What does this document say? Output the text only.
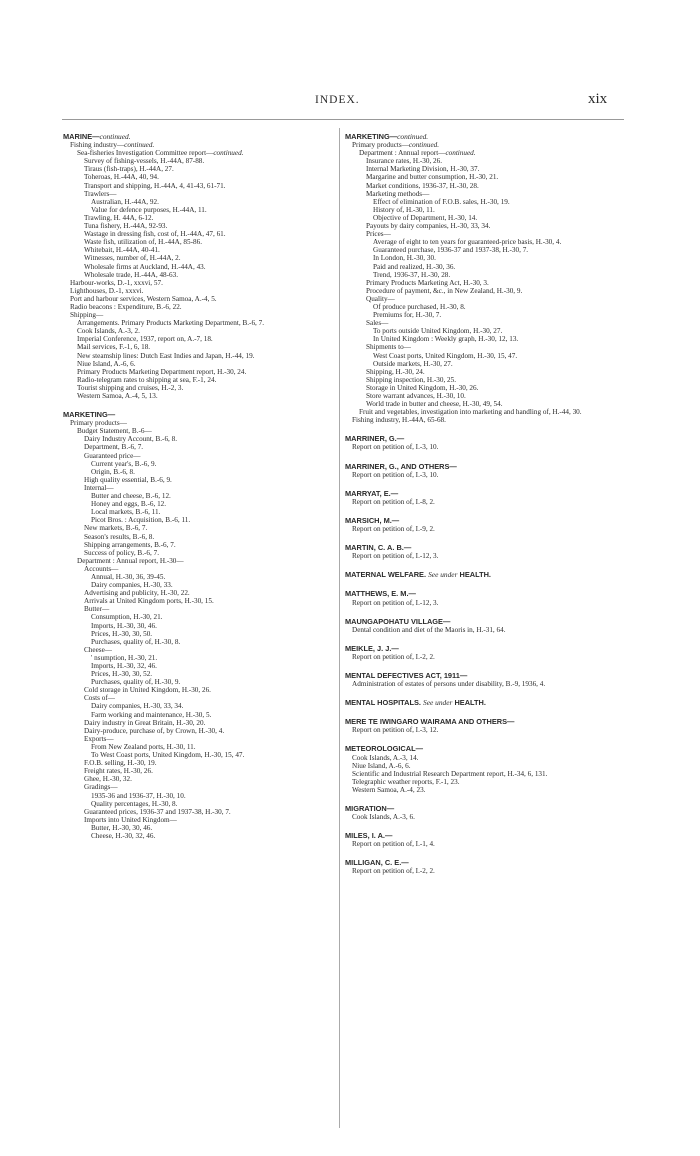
INDEX.	xix
MARINE—continued.
Fishing industry—continued.
Sea-fisheries Investigation Committee report—continued.
Survey of fishing-vessels, H.-44A, 87-88.
Tiraus (fish-traps), H.-44A, 27.
Toheroas, H.-44A, 40, 94.
Transport and shipping, H.-44A, 4, 41-43, 61-71.
Trawlers—
Australian, H.-44A, 92.
Value for defence purposes, H.-44A, 11.
Trawling, H. 44A, 6-12.
Tuna fishery, H.-44A, 92-93.
Wastage in dressing fish, cost of, H.-44A, 47, 61.
Waste fish, utilization of, H.-44A, 85-86.
Whitebait, H.-44A, 40-41.
Witnesses, number of, H.-44A, 2.
Wholesale firms at Auckland, H.-44A, 43.
Wholesale trade, H.-44A, 48-63.
Harbour-works, D.-1, xxxvi, 57.
Lighthouses, D.-1, xxxvi.
Port and harbour services, Western Samoa, A.-4, 5.
Radio beacons : Expenditure, B.-6, 22.
Shipping—
Arrangements. Primary Products Marketing Department, B.-6, 7.
Cook Islands, A.-3, 2.
Imperial Conference, 1937, report on, A.-7, 18.
Mail services, F.-1, 6, 18.
New steamship lines: Dutch East Indies and Japan, H.-44, 19.
Niue Island, A.-6, 6.
Primary Products Marketing Department report, H.-30, 24.
Radio-telegram rates to shipping at sea, F.-1, 24.
Tourist shipping and cruises, H.-2, 3.
Western Samoa, A.-4, 5, 13.
MARKETING—
Primary products—
Budget Statement, B.-6—
Dairy Industry Account, B.-6, 8.
Department, B.-6, 7.
Guaranteed price—
Current year's, B.-6, 9.
Origin, B.-6, 8.
High quality essential, B.-6, 9.
Internal—
Butter and cheese, B.-6, 12.
Honey and eggs, B.-6, 12.
Local markets, B.-6, 11.
Picot Bros. : Acquisition, B.-6, 11.
New markets, B.-6, 7.
Season's results, B.-6, 8.
Shipping arrangements, B.-6, 7.
Success of policy, B.-6, 7.
Department : Annual report, H.-30—
Accounts—
Annual, H.-30, 36, 39-45.
Dairy companies, H.-30, 33.
Advertising and publicity, H.-30, 22.
Arrivals at United Kingdom ports, H.-30, 15.
Butter—
Consumption, H.-30, 21.
Imports, H.-30, 30, 46.
Prices, H.-30, 30, 50.
Purchases, quality of, H.-30, 8.
Cheese—
' nsumption, H.-30, 21.
Imports, H.-30, 32, 46.
Prices, H.-30, 30, 52.
Purchases, quality of, H.-30, 9.
Cold storage in United Kingdom, H.-30, 26.
Costs of—
Dairy companies, H.-30, 33, 34.
Farm working and maintenance, H.-30, 5.
Dairy industry in Great Britain, H.-30, 20.
Dairy-produce, purchase of, by Crown, H.-30, 4.
Exports—
From New Zealand ports, H.-30, 11.
To West Coast ports, United Kingdom, H.-30, 15, 47.
F.O.B. selling, H.-30, 19.
Freight rates, H.-30, 26.
Ghee, H.-30, 32.
Gradings—
1935-36 and 1936-37, H.-30, 10.
Quality percentages, H.-30, 8.
Guaranteed prices, 1936-37 and 1937-38, H.-30, 7.
Imports into United Kingdom—
Butter, H.-30, 30, 46.
Cheese, H.-30, 32, 46.
MARKETING—continued.
Primary products—continued.
Department : Annual report—continued.
Insurance rates, H.-30, 26.
Internal Marketing Division, H.-30, 37.
Margarine and butter consumption, H.-30, 21.
Market conditions, 1936-37, H.-30, 28.
Marketing methods—
Effect of elimination of F.O.B. sales, H.-30, 19.
History of, H.-30, 11.
Objective of Department, H.-30, 14.
Payouts by dairy companies, H.-30, 33, 34.
Prices—
Average of eight to ten years for guaranteed-price basis, H.-30, 4.
Guaranteed purchase, 1936-37 and 1937-38, H.-30, 7.
In London, H.-30, 30.
Paid and realized, H.-30, 36.
Trend, 1936-37, H.-30, 28.
Primary Products Marketing Act, H.-30, 3.
Procedure of payment, &c., in New Zealand, H.-30, 9.
Quality—
Of produce purchased, H.-30, 8.
Premiums for, H.-30, 7.
Sales—
To ports outside United Kingdom, H.-30, 27.
In United Kingdom : Weekly graph, H.-30, 12, 13.
Shipments to—
West Coast ports, United Kingdom, H.-30, 15, 47.
Outside markets, H.-30, 27.
Shipping, H.-30, 24.
Shipping inspection, H.-30, 25.
Storage in United Kingdom, H.-30, 26.
Store warrant advances, H.-30, 10.
World trade in butter and cheese, H.-30, 49, 54.
Fruit and vegetables, investigation into marketing and handling of, H.-44, 30.
Fishing industry, H.-44A, 65-68.
MARRINER, G.—
Report on petition of, I.-3, 10.
MARRINER, G., AND OTHERS—
Report on petition of, I.-3, 10.
MARRYAT, E.—
Report on petition of, I.-8, 2.
MARSICH, M.—
Report on petition of, I.-9, 2.
MARTIN, C. A. B.—
Report on petition of, I.-12, 3.
MATERNAL WELFARE. See under HEALTH.
MATTHEWS, E. M.—
Report on petition of, I.-12, 3.
MAUNGAPOHATU VILLAGE—
Dental condition and diet of the Maoris in, H.-31, 64.
MEIKLE, J. J.—
Report on petition of, I.-2, 2.
MENTAL DEFECTIVES ACT, 1911—
Administration of estates of persons under disability, B.-9, 1936, 4.
MENTAL HOSPITALS. See under HEALTH.
MERE TE IWINGARO WAIRAMA AND OTHERS—
Report on petition of, I.-3, 12.
METEOROLOGICAL—
Cook Islands, A.-3, 14.
Niue Island, A.-6, 6.
Scientific and Industrial Research Department report, H.-34, 6, 131.
Telegraphic weather reports, F.-1, 23.
Western Samoa, A.-4, 23.
MIGRATION—
Cook Islands, A.-3, 6.
MILES, I. A.—
Report on petition of, I.-1, 4.
MILLIGAN, C. E.—
Report on petition of, I.-2, 2.
